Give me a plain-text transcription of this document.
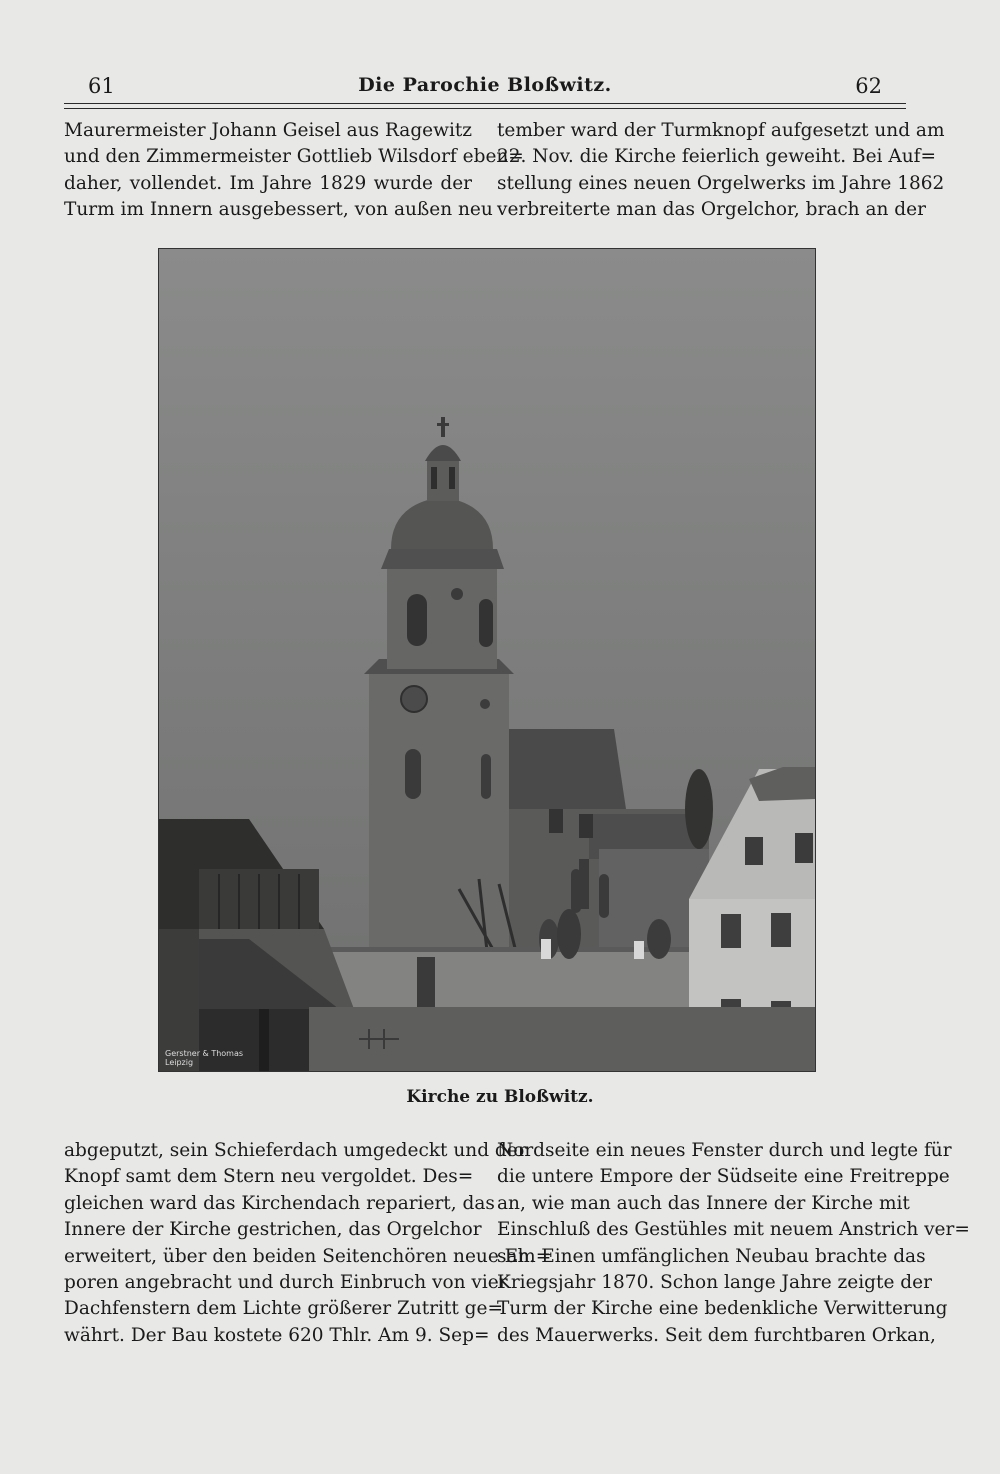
61	Die Parochie Bloßwitz.	62
Maurermeister Johann Geisel aus Ragewitz
und den Zimmermeister Gottlieb Wilsdorf eben=
daher, vollendet. Im Jahre 1829 wurde der
Turm im Innern ausgebessert, von außen neu
tember ward der Turmknopf aufgesetzt und am
22. Nov. die Kirche feierlich geweiht. Bei Auf=
stellung eines neuen Orgelwerks im Jahre 1862
verbreiterte man das Orgelchor, brach an der
Gerstner & Thomas
Leipzig
Kirche zu Bloßwitz.
abgeputzt, sein Schieferdach umgedeckt und der
Knopf samt dem Stern neu vergoldet. Des=
gleichen ward das Kirchendach repariert, das
Innere der Kirche gestrichen, das Orgelchor
erweitert, über den beiden Seitenchören neue Em=
poren angebracht und durch Einbruch von vier
Dachfenstern dem Lichte größerer Zutritt ge=
währt. Der Bau kostete 620 Thlr. Am 9. Sep=
Nordseite ein neues Fenster durch und legte für
die untere Empore der Südseite eine Freitreppe
an, wie man auch das Innere der Kirche mit
Einschluß des Gestühles mit neuem Anstrich ver=
sah. Einen umfänglichen Neubau brachte das
Kriegsjahr 1870. Schon lange Jahre zeigte der
Turm der Kirche eine bedenkliche Verwitterung
des Mauerwerks. Seit dem furchtbaren Orkan,
